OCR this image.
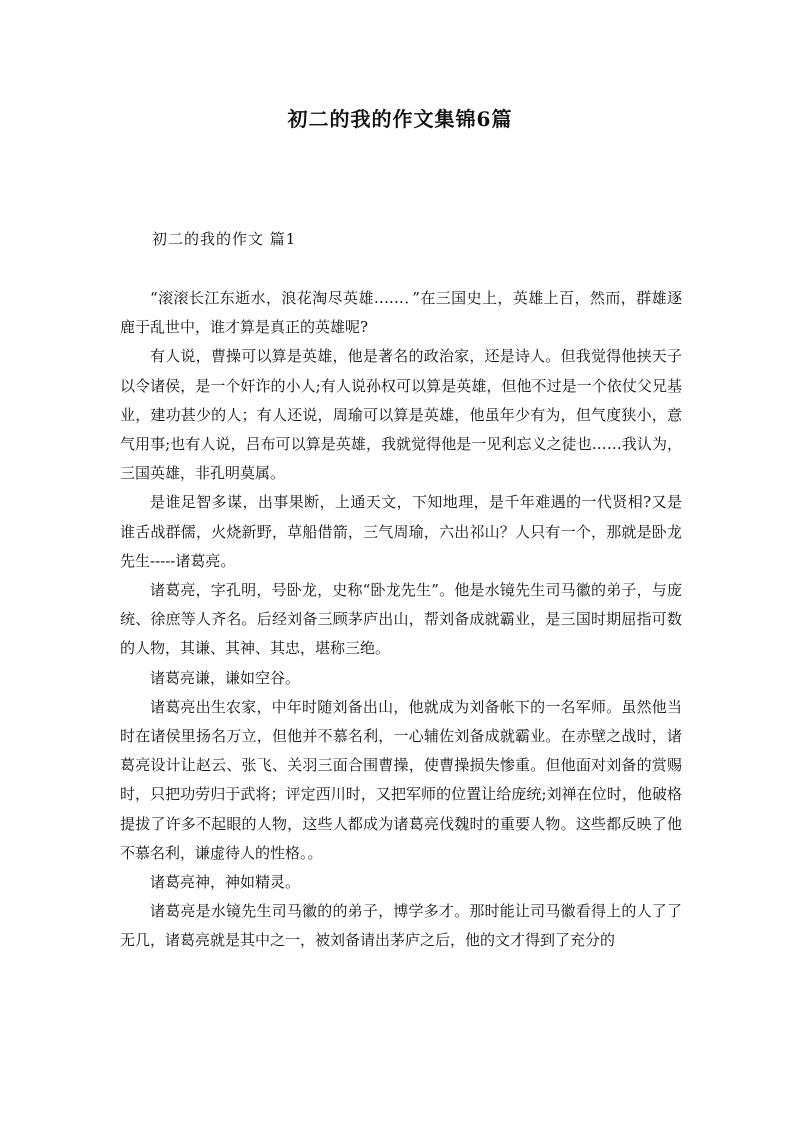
初二的我的作文集锦6篇
初二的我的作文 篇1

“滚滚长江东逝水，浪花淘尽英雄……．”在三国史上，英雄上百，然而，群雄逐鹿于乱世中，谁才算是真正的英雄呢?

有人说，曹操可以算是英雄，他是著名的政治家，还是诗人。但我觉得他挟天子以令诸侯，是一个奸诈的小人;有人说孙权可以算是英雄，但他不过是一个依仗父兄基业，建功甚少的人；有人还说，周瑜可以算是英雄，他虽年少有为，但气度狭小，意气用事;也有人说，吕布可以算是英雄，我就觉得他是一见利忘义之徒也……我认为，三国英雄，非孔明莫属。

是谁足智多谋，出事果断，上通天文，下知地理，是千年难遇的一代贤相?又是谁舌战群儒，火烧新野，草船借箭，三气周瑜，六出祁山？人只有一个，那就是卧龙先生-----诸葛亮。

诸葛亮，字孔明，号卧龙，史称“卧龙先生”。他是水镜先生司马徽的弟子，与庞统、徐庶等人齐名。后经刘备三顾茅庐出山，帮刘备成就霸业，是三国时期屈指可数的人物，其谦、其神、其忠，堪称三绝。

诸葛亮谦，谦如空谷。

诸葛亮出生农家，中年时随刘备出山，他就成为刘备帐下的一名军师。虽然他当时在诸侯里扬名万立，但他并不慕名利，一心辅佐刘备成就霸业。在赤壁之战时，诸葛亮设计让赵云、张飞、关羽三面合围曹操，使曹操损失惨重。但他面对刘备的赏赐时，只把功劳归于武将；评定西川时，又把军师的位置让给庞统;刘禅在位时，他破格提拔了许多不起眼的人物，这些人都成为诸葛亮伐魏时的重要人物。这些都反映了他不慕名利，谦虚待人的性格。。

诸葛亮神，神如精灵。

诸葛亮是水镜先生司马徽的的弟子，博学多才。那时能让司马徽看得上的人了了无几，诸葛亮就是其中之一，被刘备请出茅庐之后，他的文才得到了充分的
